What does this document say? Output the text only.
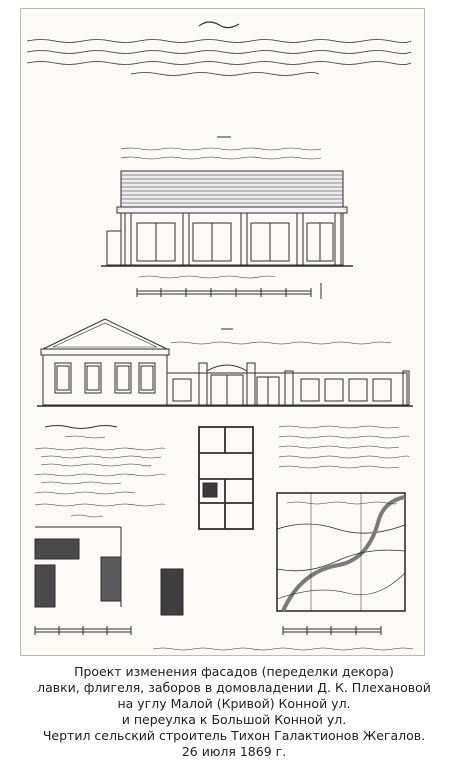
Проект изменения фасадов (переделки декора)
лавки, флигеля, заборов в домовладении Д. К. Плехановой
на углу Малой (Кривой) Конной ул.
и переулка к Большой Конной ул.
Чертил сельский строитель Тихон Галактионов Жегалов.
26 июля 1869 г.
